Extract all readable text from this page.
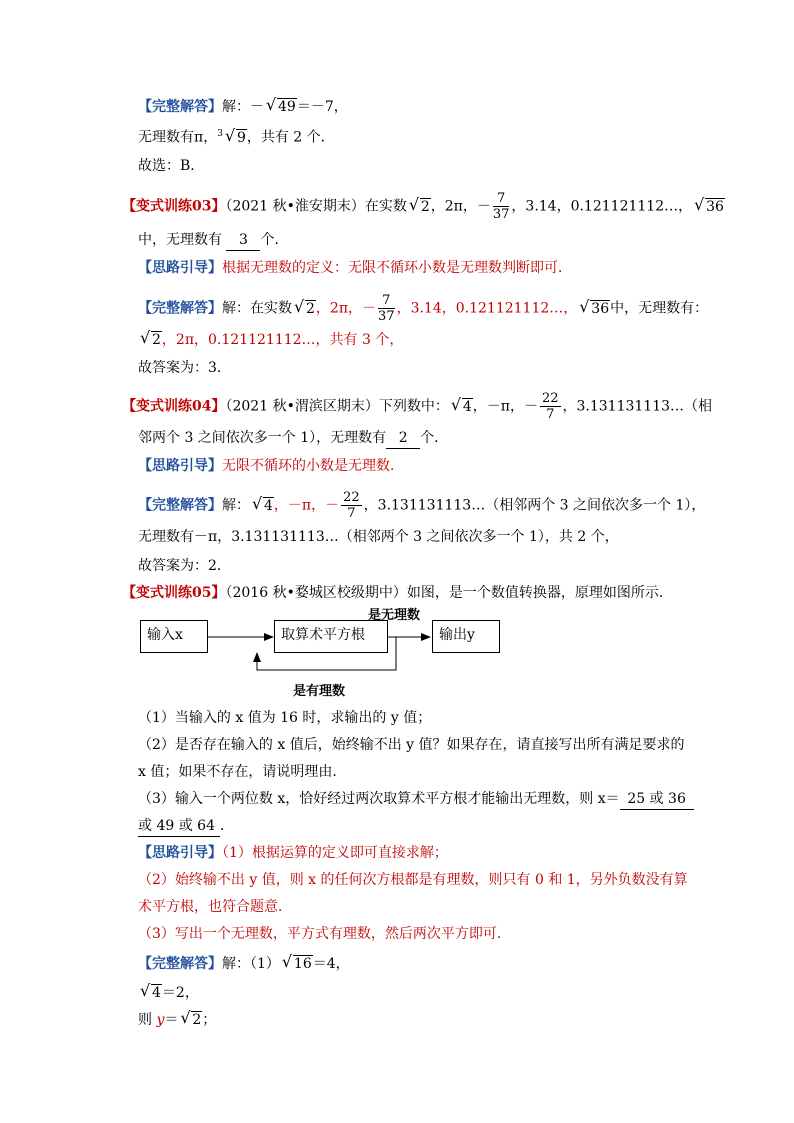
【完整解答】解：－ √ 49＝－7，
无理数有π，$^3$ √ 9，共有 2 个．
故选：B．
【变式训练03】（2021 秋•淮安期末）在实数 √ 2，2π，－ $\frac{7}{37}$ ，3.14，0.121121112…， √ 36
中，无理数有 3 个．
【思路引导】根据无理数的定义：无限不循环小数是无理数判断即可．
【完整解答】解：在实数 √ 2，2π，－ $\frac{7}{37}$ ，3.14，0.121121112…， √ 36中，无理数有：
√ 2，2π，0.121121112…，共有 3 个，
故答案为：3．
【变式训练04】（2021 秋•渭滨区期末）下列数中： √ 4，－π，－ $\frac{22}{7}$ ，3.131131113…（相
邻两个 3 之间依次多一个 1），无理数有 2 个．
【思路引导】无限不循环的小数是无理数．
【完整解答】解： √ 4，－π，－ $\frac{22}{7}$ ，3.131131113…（相邻两个 3 之间依次多一个 1），
无理数有－π，3.131131113…（相邻两个 3 之间依次多一个 1），共 2 个，
故答案为：2．
【变式训练05】（2016 秋•婺城区校级期中）如图，是一个数值转换器，原理如图所示．
输入x	取算术平方根	输出y
是无理数
是有理数
（1）当输入的 x 值为 16 时，求输出的 y 值；
（2）是否存在输入的 x 值后，始终输不出 y 值？如果存在，请直接写出所有满足要求的
x 值；如果不存在，请说明理由．
（3）输入一个两位数 x，恰好经过两次取算术平方根才能输出无理数，则 x＝ 25 或 36
或 49 或 64 ．
【思路引导】（1）根据运算的定义即可直接求解；
（2）始终输不出 y 值，则 x 的任何次方根都是有理数，则只有 0 和 1，另外负数没有算
术平方根，也符合题意．
（3）写出一个无理数，平方式有理数，然后两次平方即可．
【完整解答】解：（1） √ 16＝4，
√ 4＝2，
则 y＝ √ 2；
